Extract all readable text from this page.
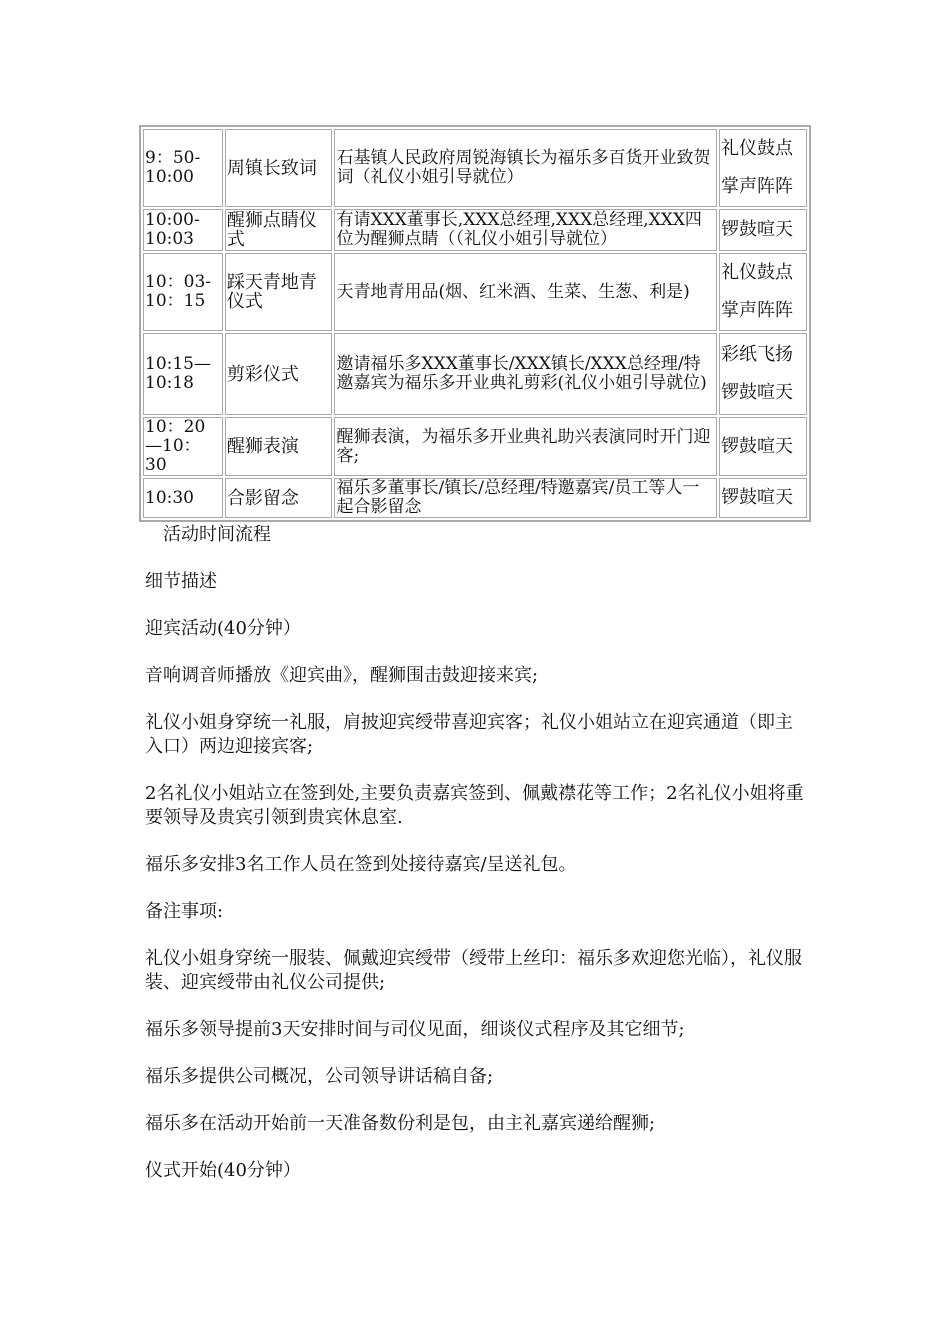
9：50-10:00	周镇长致词	石基镇人民政府周锐海镇长为福乐多百货开业致贺词（礼仪小姐引导就位）	礼仪鼓点
掌声阵阵

10:00-10:03	醒狮点睛仪式	有请XXX董事长,XXX总经理,XXX总经理,XXX四位为醒狮点睛（（礼仪小姐引导就位）	锣鼓喧天
10：03-10：15	踩天青地青仪式	天青地青用品(烟、红米酒、生菜、生葱、利是)	礼仪鼓点
掌声阵阵

10:15—10:18	剪彩仪式	邀请福乐多XXX董事长/XXX镇长/XXX总经理/特邀嘉宾为福乐多开业典礼剪彩(礼仪小姐引导就位)	彩纸飞扬
锣鼓喧天

10：20—10：30	醒狮表演	醒狮表演，为福乐多开业典礼助兴表演同时开门迎客;	锣鼓喧天
10:30	合影留念	福乐多董事长/镇长/总经理/特邀嘉宾/员工等人一起合影留念	锣鼓喧天
活动时间流程

细节描述

迎宾活动(40分钟）

音响调音师播放《迎宾曲》，醒狮围击鼓迎接来宾;

礼仪小姐身穿统一礼服，肩披迎宾绶带喜迎宾客；礼仪小姐站立在迎宾通道（即主入口）两边迎接宾客;

2名礼仪小姐站立在签到处,主要负责嘉宾签到、佩戴襟花等工作；2名礼仪小姐将重要领导及贵宾引领到贵宾休息室.

福乐多安排3名工作人员在签到处接待嘉宾/呈送礼包。

备注事项:

礼仪小姐身穿统一服装、佩戴迎宾绶带（绶带上丝印：福乐多欢迎您光临），礼仪服装、迎宾绶带由礼仪公司提供;

福乐多领导提前3天安排时间与司仪见面，细谈仪式程序及其它细节;

福乐多提供公司概况，公司领导讲话稿自备;

福乐多在活动开始前一天准备数份利是包，由主礼嘉宾递给醒狮;

仪式开始(40分钟）
